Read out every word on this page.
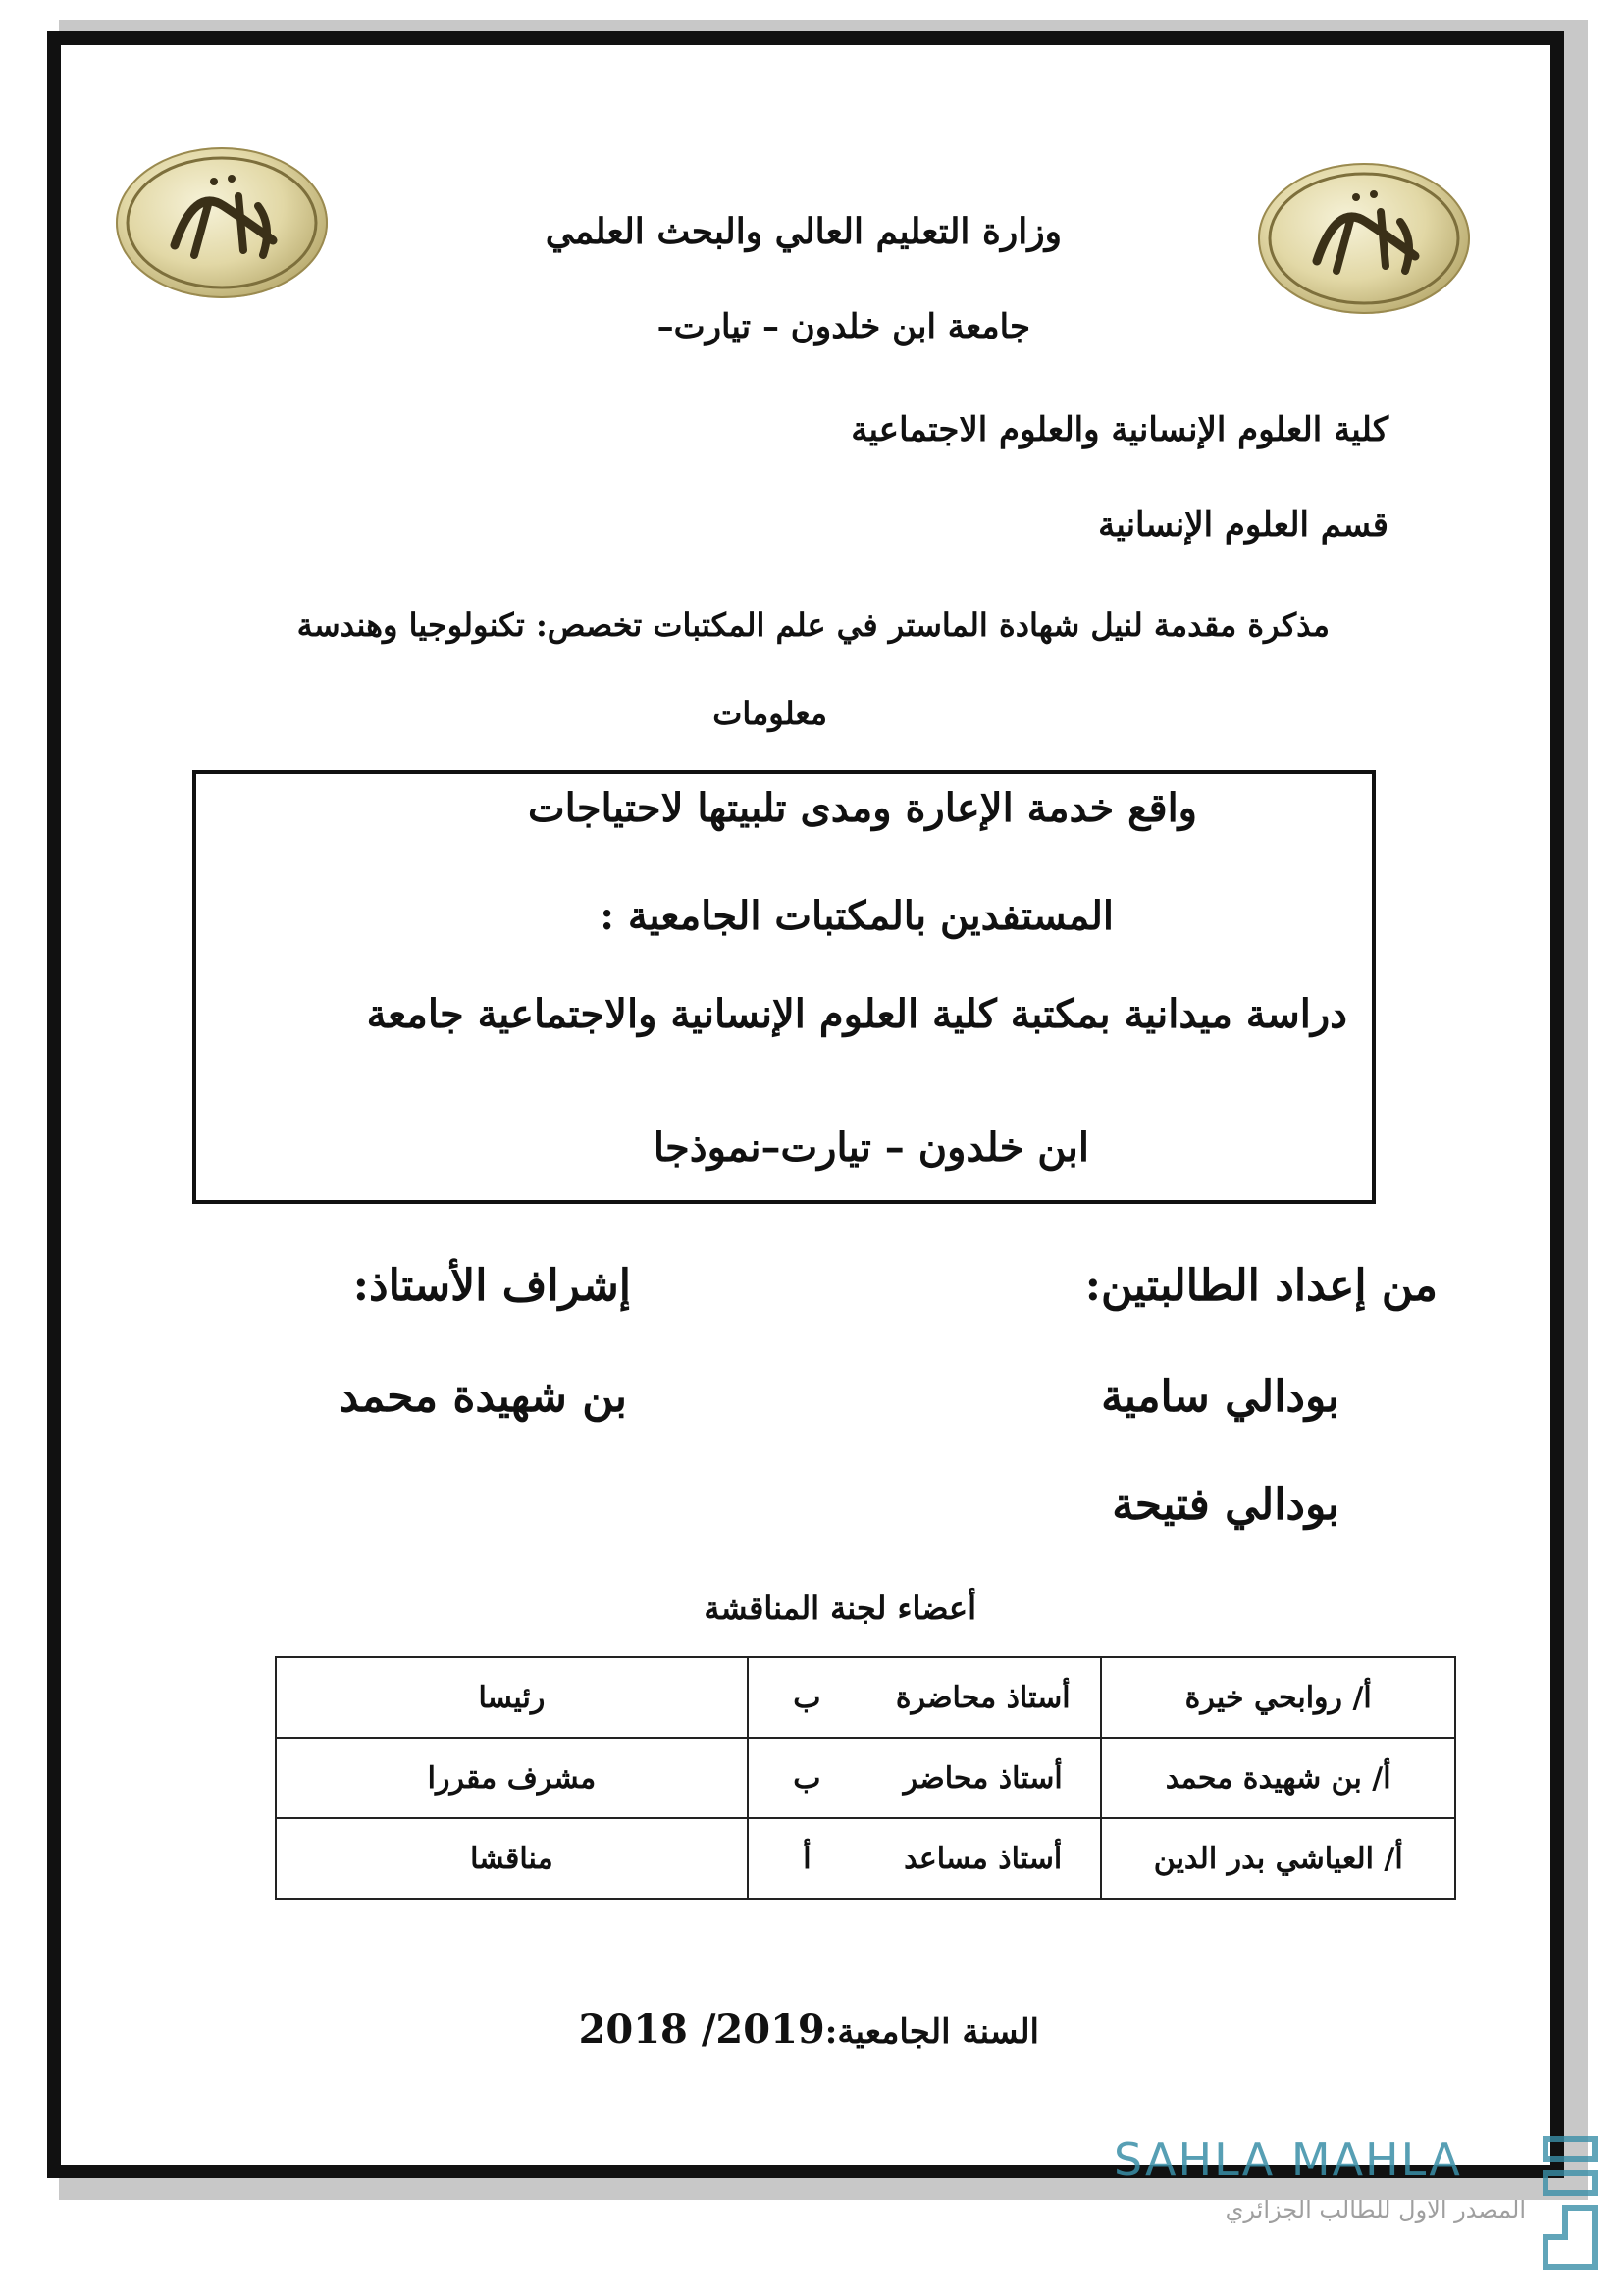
وزارة التعليم العالي والبحث العلمي
جامعة ابن خلدون – تيارت–
كلية العلوم الإنسانية والعلوم الاجتماعية
قسم العلوم الإنسانية
مذكرة مقدمة لنيل شهادة الماستر في علم المكتبات تخصص: تكنولوجيا وهندسة
معلومات
واقع خدمة الإعارة ومدى تلبيتها لاحتياجات
المستفدين بالمكتبات الجامعية :
دراسة ميدانية بمكتبة كلية العلوم الإنسانية والاجتماعية جامعة
ابن خلدون – تيارت–نموذجا
من إعداد الطالبتين:
إشراف الأستاذ:
بودالي سامية
بن شهيدة محمد
بودالي فتيحة
أعضاء لجنة المناقشة
أ/ روابحي خيرة	أستاذ محاضرة	ب	رئيسا
أ/ بن شهيدة محمد	أستاذ محاضر	ب	مشرف مقررا
أ/ العياشي بدر الدين	أستاذ مساعد	أ	مناقشا
السنة الجامعية:2018 /2019
SAHLA MAHLA
المصدر الاول للطالب الجزائري
